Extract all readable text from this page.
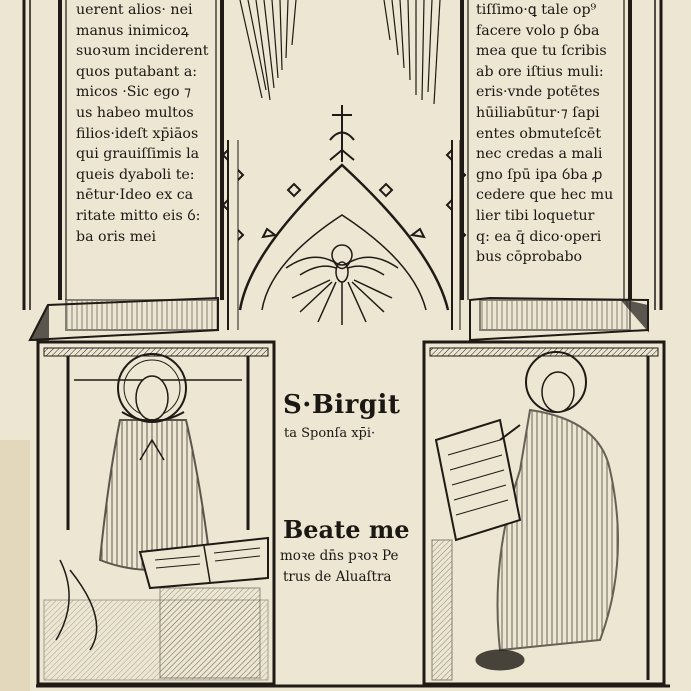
uerent alios· nei
manus inimicoꝝ
suoꝛum inciderent
quos putabant a:
micos ·Sic ego ⁊
us habeo multos
filios·ideſt xp̄iāos
qui grauiſſimis la
queis dyaboli te:
nētur·Ideo ex ca
ritate mitto eis ỽ:
ba oris mei
tiſſimo·ꝗ tale op⁹
facere volo p ỽba
mea que tu ſcribis
ab ore iſtius muli:
eris·vnde potētes
hūiliabūtur·⁊ ſapi
entes obmuteſcēt
nec credas a mali
gno ſpū ipa ỽba ꝓ
cedere que hec mu
lier tibi loquetur
q: ea q̄ dico·operi
bus cōprobabo
S·Birgit
ta Sponſa xp̄i·
Beate me
moꝛe dn̄s pꝛoꝛ Pe
trus de Aluaſtra
